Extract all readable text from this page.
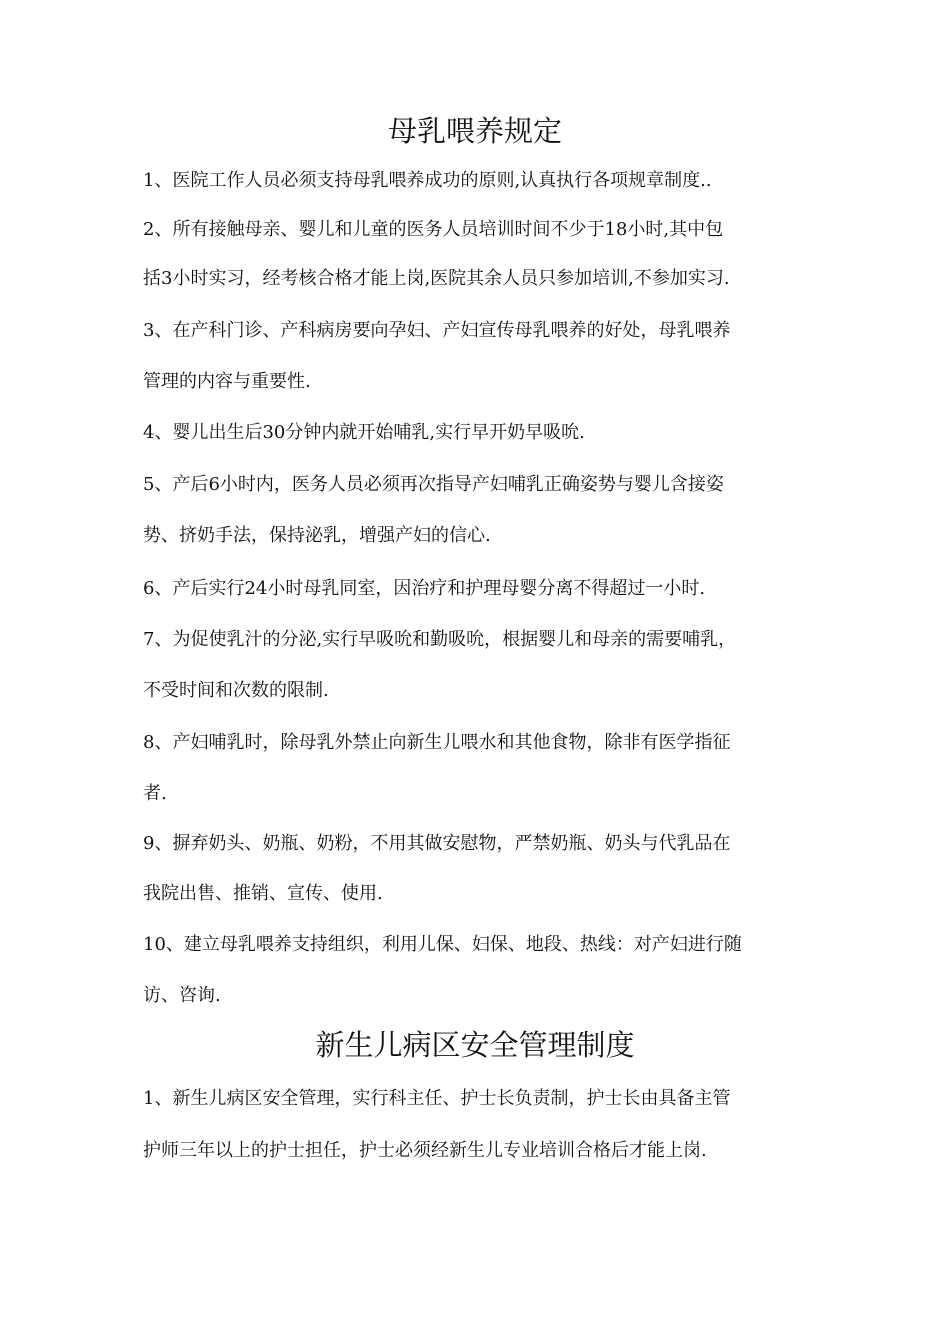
母乳喂养规定
1、医院工作人员必须支持母乳喂养成功的原则,认真执行各项规章制度..
2、所有接触母亲、婴儿和儿童的医务人员培训时间不少于18小时,其中包
括3小时实习，经考核合格才能上岗,医院其余人员只参加培训,不参加实习.
3、在产科门诊、产科病房要向孕妇、产妇宣传母乳喂养的好处，母乳喂养
管理的内容与重要性.
4、婴儿出生后30分钟内就开始哺乳,实行早开奶早吸吮.
5、产后6小时内，医务人员必须再次指导产妇哺乳正确姿势与婴儿含接姿
势、挤奶手法，保持泌乳，增强产妇的信心.
6、产后实行24小时母乳同室，因治疗和护理母婴分离不得超过一小时.
7、为促使乳汁的分泌,实行早吸吮和勤吸吮，根据婴儿和母亲的需要哺乳，
不受时间和次数的限制.
8、产妇哺乳时，除母乳外禁止向新生儿喂水和其他食物，除非有医学指征
者.
9、摒弃奶头、奶瓶、奶粉，不用其做安慰物，严禁奶瓶、奶头与代乳品在
我院出售、推销、宣传、使用.
10、建立母乳喂养支持组织，利用儿保、妇保、地段、热线：对产妇进行随
访、咨询.
新生儿病区安全管理制度
1、新生儿病区安全管理，实行科主任、护士长负责制，护士长由具备主管
护师三年以上的护士担任，护士必须经新生儿专业培训合格后才能上岗.
